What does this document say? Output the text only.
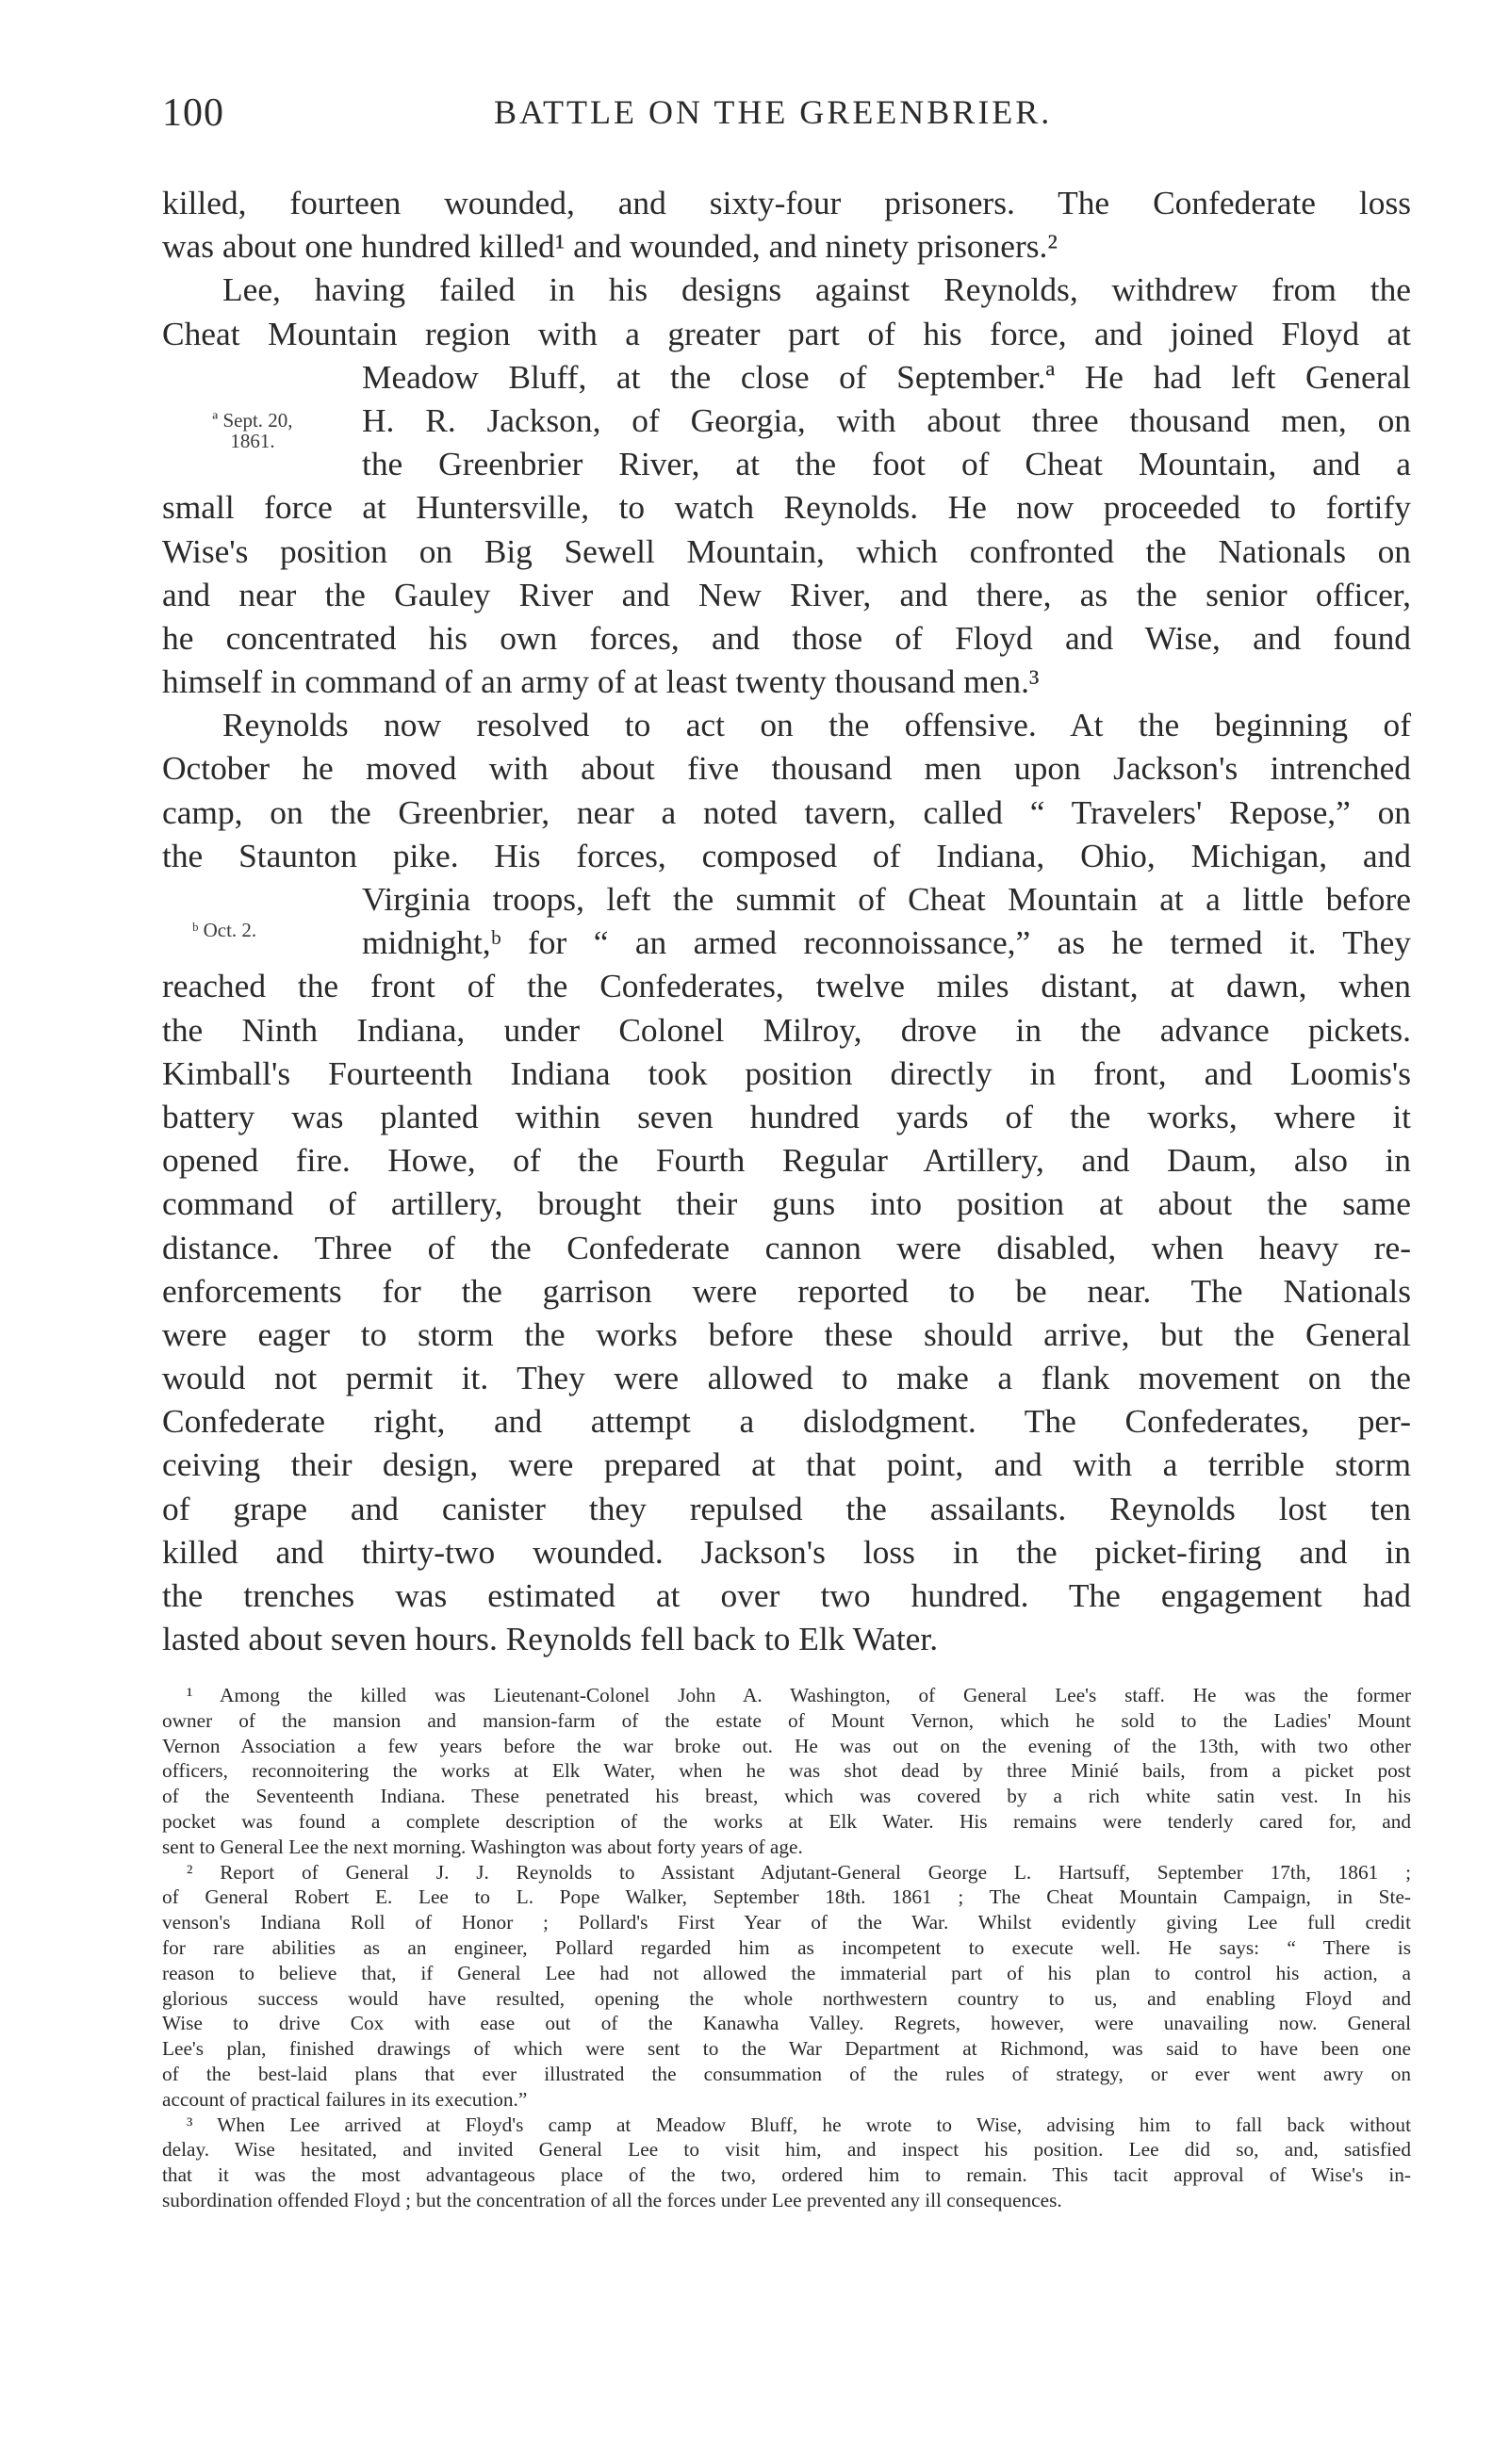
100	BATTLE ON THE GREENBRIER.
ª Sept. 20,
1861.
ᵇ Oct. 2.
killed, fourteen wounded, and sixty-four prisoners. The Confederate loss
was about one hundred killed¹ and wounded, and ninety prisoners.²
Lee, having failed in his designs against Reynolds, withdrew from the
Cheat Mountain region with a greater part of his force, and joined Floyd at
Meadow Bluff, at the close of September.ª He had left General
H. R. Jackson, of Georgia, with about three thousand men, on
the Greenbrier River, at the foot of Cheat Mountain, and a
small force at Huntersville, to watch Reynolds. He now proceeded to fortify
Wise's position on Big Sewell Mountain, which confronted the Nationals on
and near the Gauley River and New River, and there, as the senior officer,
he concentrated his own forces, and those of Floyd and Wise, and found
himself in command of an army of at least twenty thousand men.³
Reynolds now resolved to act on the offensive. At the beginning of
October he moved with about five thousand men upon Jackson's intrenched
camp, on the Greenbrier, near a noted tavern, called “ Travelers' Repose,” on
the Staunton pike. His forces, composed of Indiana, Ohio, Michigan, and
Virginia troops, left the summit of Cheat Mountain at a little before
midnight,ᵇ for “ an armed reconnoissance,” as he termed it. They
reached the front of the Confederates, twelve miles distant, at dawn, when
the Ninth Indiana, under Colonel Milroy, drove in the advance pickets.
Kimball's Fourteenth Indiana took position directly in front, and Loomis's
battery was planted within seven hundred yards of the works, where it
opened fire. Howe, of the Fourth Regular Artillery, and Daum, also in
command of artillery, brought their guns into position at about the same
distance. Three of the Confederate cannon were disabled, when heavy re-
enforcements for the garrison were reported to be near. The Nationals
were eager to storm the works before these should arrive, but the General
would not permit it. They were allowed to make a flank movement on the
Confederate right, and attempt a dislodgment. The Confederates, per-
ceiving their design, were prepared at that point, and with a terrible storm
of grape and canister they repulsed the assailants. Reynolds lost ten
killed and thirty-two wounded. Jackson's loss in the picket-firing and in
the trenches was estimated at over two hundred. The engagement had
lasted about seven hours. Reynolds fell back to Elk Water.
¹ Among the killed was Lieutenant-Colonel John A. Washington, of General Lee's staff. He was the former
owner of the mansion and mansion-farm of the estate of Mount Vernon, which he sold to the Ladies' Mount
Vernon Association a few years before the war broke out. He was out on the evening of the 13th, with two other
officers, reconnoitering the works at Elk Water, when he was shot dead by three Minié bails, from a picket post
of the Seventeenth Indiana. These penetrated his breast, which was covered by a rich white satin vest. In his
pocket was found a complete description of the works at Elk Water. His remains were tenderly cared for, and
sent to General Lee the next morning. Washington was about forty years of age.
² Report of General J. J. Reynolds to Assistant Adjutant-General George L. Hartsuff, September 17th, 1861 ;
of General Robert E. Lee to L. Pope Walker, September 18th. 1861 ; The Cheat Mountain Campaign, in Ste-
venson's Indiana Roll of Honor ; Pollard's First Year of the War. Whilst evidently giving Lee full credit
for rare abilities as an engineer, Pollard regarded him as incompetent to execute well. He says: “ There is
reason to believe that, if General Lee had not allowed the immaterial part of his plan to control his action, a
glorious success would have resulted, opening the whole northwestern country to us, and enabling Floyd and
Wise to drive Cox with ease out of the Kanawha Valley. Regrets, however, were unavailing now. General
Lee's plan, finished drawings of which were sent to the War Department at Richmond, was said to have been one
of the best-laid plans that ever illustrated the consummation of the rules of strategy, or ever went awry on
account of practical failures in its execution.”
³ When Lee arrived at Floyd's camp at Meadow Bluff, he wrote to Wise, advising him to fall back without
delay. Wise hesitated, and invited General Lee to visit him, and inspect his position. Lee did so, and, satisfied
that it was the most advantageous place of the two, ordered him to remain. This tacit approval of Wise's in-
subordination offended Floyd ; but the concentration of all the forces under Lee prevented any ill consequences.
